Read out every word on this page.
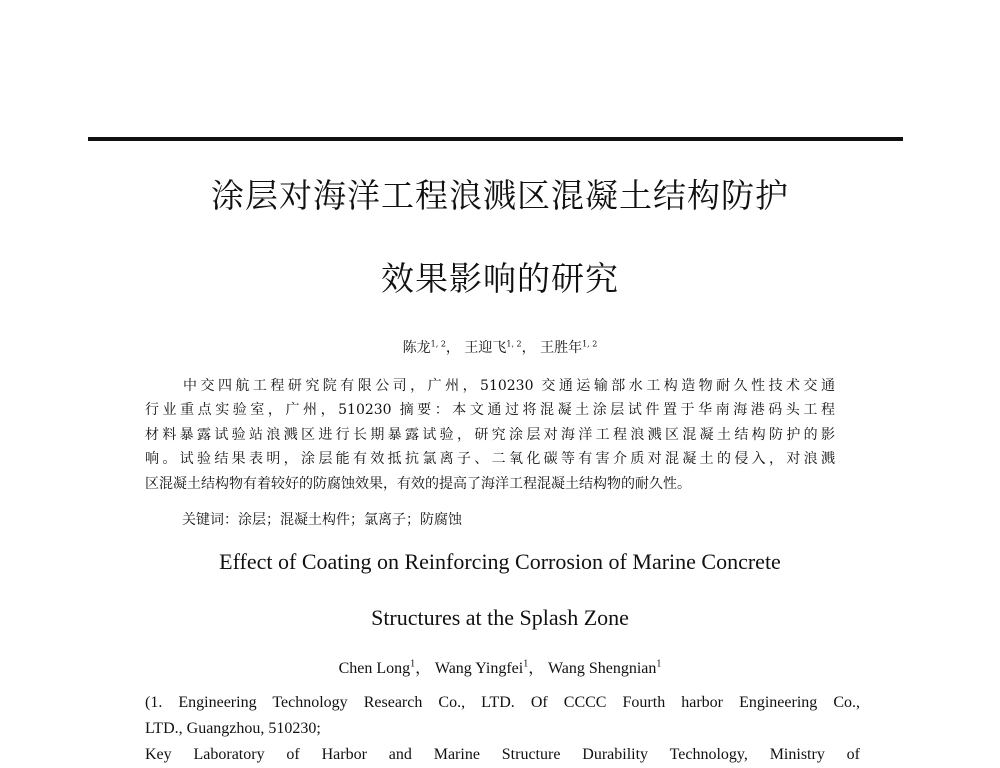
涂层对海洋工程浪溅区混凝土结构防护
效果影响的研究
陈龙$^{1, 2}$， 王迎飞$^{1, 2}$， 王胜年$^{1, 2}$
中交四航工程研究院有限公司，广州，510230 交通运输部水工构造物耐久性技术交通
行业重点实验室，广州，510230 摘要：本文通过将混凝土涂层试件置于华南海港码头工程
材料暴露试验站浪溅区进行长期暴露试验，研究涂层对海洋工程浪溅区混凝土结构防护的影
响。试验结果表明，涂层能有效抵抗氯离子、二氧化碳等有害介质对混凝土的侵入，对浪溅
区混凝土结构物有着较好的防腐蚀效果，有效的提高了海洋工程混凝土结构物的耐久性。
关键词：涂层；混凝土构件；氯离子；防腐蚀
Effect of Coating on Reinforcing Corrosion of Marine Concrete
Structures at the Splash Zone
Chen Long$^1$， Wang Yingfei$^1$， Wang Shengnian$^1$
(1. Engineering Technology Research Co., LTD. Of CCCC Fourth harbor Engineering Co.,
LTD., Guangzhou, 510230;
Key Laboratory of Harbor and Marine Structure Durability Technology, Ministry of
